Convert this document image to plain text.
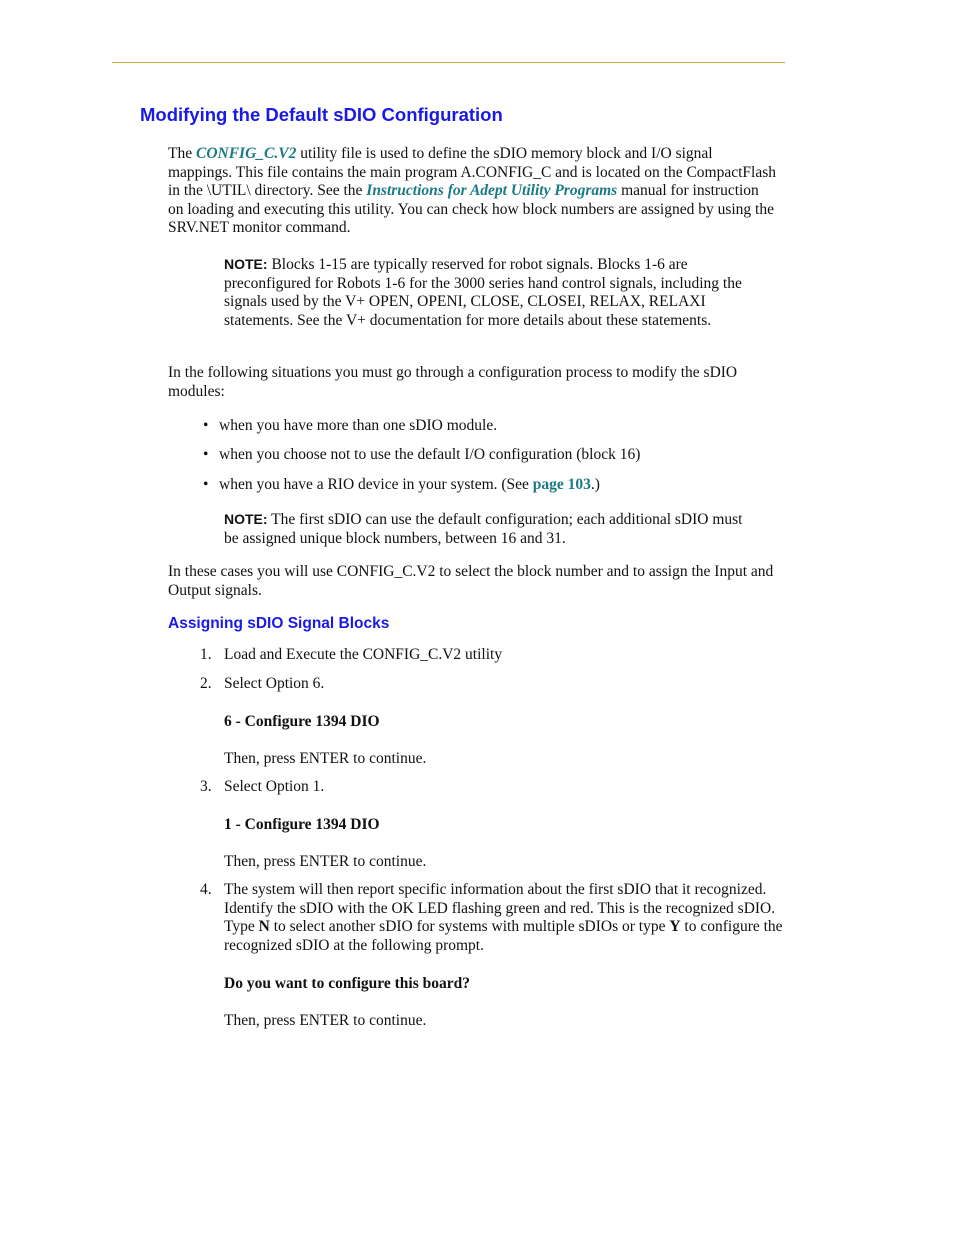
Modifying the Default sDIO Configuration

The CONFIG_C.V2 utility file is used to define the sDIO memory block and I/O signal mappings. This file contains the main program A.CONFIG_C and is located on the CompactFlash in the \UTIL\ directory. See the Instructions for Adept Utility Programs manual for instruction on loading and executing this utility. You can check how block numbers are assigned by using the SRV.NET monitor command.

NOTE: Blocks 1-15 are typically reserved for robot signals. Blocks 1-6 are preconfigured for Robots 1-6 for the 3000 series hand control signals, including the signals used by the V+ OPEN, OPENI, CLOSE, CLOSEI, RELAX, RELAXI statements. See the V+ documentation for more details about these statements.

In the following situations you must go through a configuration process to modify the sDIO modules:

• when you have more than one sDIO module.

• when you choose not to use the default I/O configuration (block 16)

• when you have a RIO device in your system. (See page 103.)

NOTE: The first sDIO can use the default configuration; each additional sDIO must be assigned unique block numbers, between 16 and 31.

In these cases you will use CONFIG_C.V2 to select the block number and to assign the Input and Output signals.

Assigning sDIO Signal Blocks
1. Load and Execute the CONFIG_C.V2 utility
2. Select Option 6.

6 - Configure 1394 DIO

Then, press ENTER to continue.

3. Select Option 1.

1 - Configure 1394 DIO

Then, press ENTER to continue.

4. The system will then report specific information about the first sDIO that it recognized. Identify the sDIO with the OK LED flashing green and red. This is the recognized sDIO. Type N to select another sDIO for systems with multiple sDIOs or type Y to configure the recognized sDIO at the following prompt.

Do you want to configure this board?

Then, press ENTER to continue.
